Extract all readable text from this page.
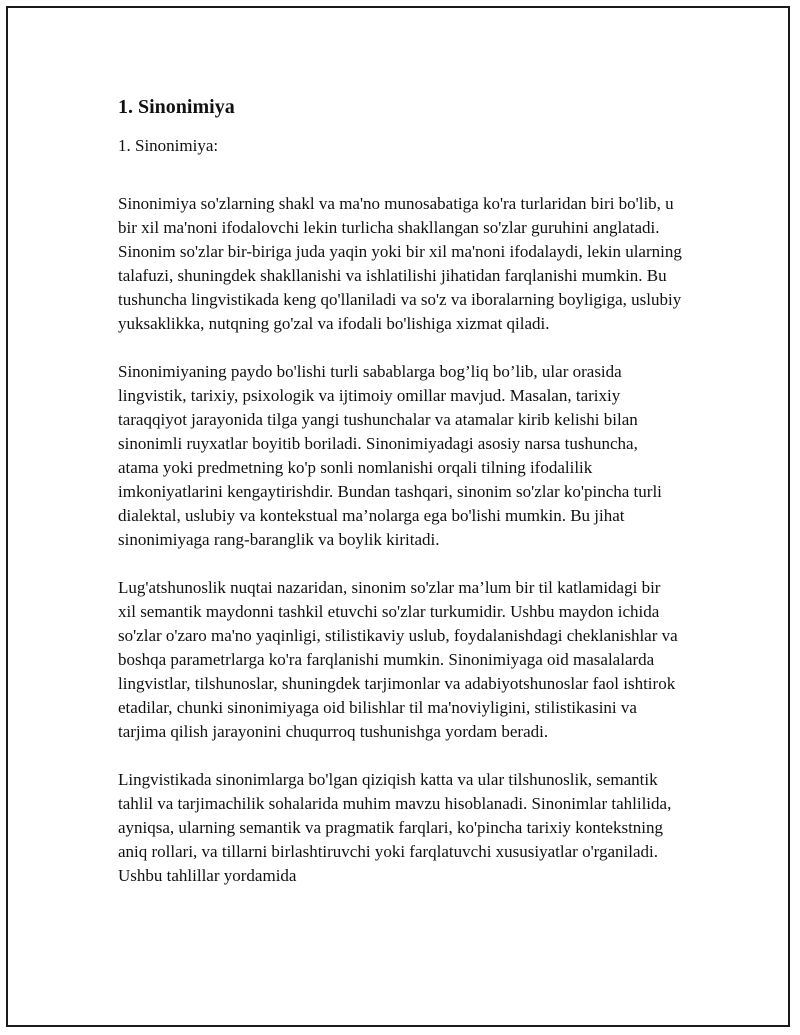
1. Sinonimiya

1. Sinonimiya:

Sinonimiya so'zlarning shakl va ma'no munosabatiga ko'ra turlaridan biri bo'lib, u bir xil ma'noni ifodalovchi lekin turlicha shakllangan so'zlar guruhini anglatadi. Sinonim so'zlar bir-biriga juda yaqin yoki bir xil ma'noni ifodalaydi, lekin ularning talafuzi, shuningdek shakllanishi va ishlatilishi jihatidan farqlanishi mumkin. Bu tushuncha lingvistikada keng qo'llaniladi va so'z va iboralarning boyligiga, uslubiy yuksaklikka, nutqning go'zal va ifodali bo'lishiga xizmat qiladi.

Sinonimiyaning paydo bo'lishi turli sabablarga bog’liq bo’lib, ular orasida lingvistik, tarixiy, psixologik va ijtimoiy omillar mavjud. Masalan, tarixiy taraqqiyot jarayonida tilga yangi tushunchalar va atamalar kirib kelishi bilan sinonimli ruyxatlar boyitib boriladi. Sinonimiyadagi asosiy narsa tushuncha, atama yoki predmetning ko'p sonli nomlanishi orqali tilning ifodalilik imkoniyatlarini kengaytirishdir. Bundan tashqari, sinonim so'zlar ko'pincha turli dialektal, uslubiy va kontekstual ma’nolarga ega bo'lishi mumkin. Bu jihat sinonimiyaga rang-baranglik va boylik kiritadi.

Lug'atshunoslik nuqtai nazaridan, sinonim so'zlar ma’lum bir til katlamidagi bir xil semantik maydonni tashkil etuvchi so'zlar turkumidir. Ushbu maydon ichida so'zlar o'zaro ma'no yaqinligi, stilistikaviy uslub, foydalanishdagi cheklanishlar va boshqa parametrlarga ko'ra farqlanishi mumkin. Sinonimiyaga oid masalalarda lingvistlar, tilshunoslar, shuningdek tarjimonlar va adabiyotshunoslar faol ishtirok etadilar, chunki sinonimiyaga oid bilishlar til ma'noviyligini, stilistikasini va tarjima qilish jarayonini chuqurroq tushunishga yordam beradi.

Lingvistikada sinonimlarga bo'lgan qiziqish katta va ular tilshunoslik, semantik tahlil va tarjimachilik sohalarida muhim mavzu hisoblanadi. Sinonimlar tahlilida, ayniqsa, ularning semantik va pragmatik farqlari, ko'pincha tarixiy kontekstning aniq rollari, va tillarni birlashtiruvchi yoki farqlatuvchi xususiyatlar o'rganiladi. Ushbu tahlillar yordamida
